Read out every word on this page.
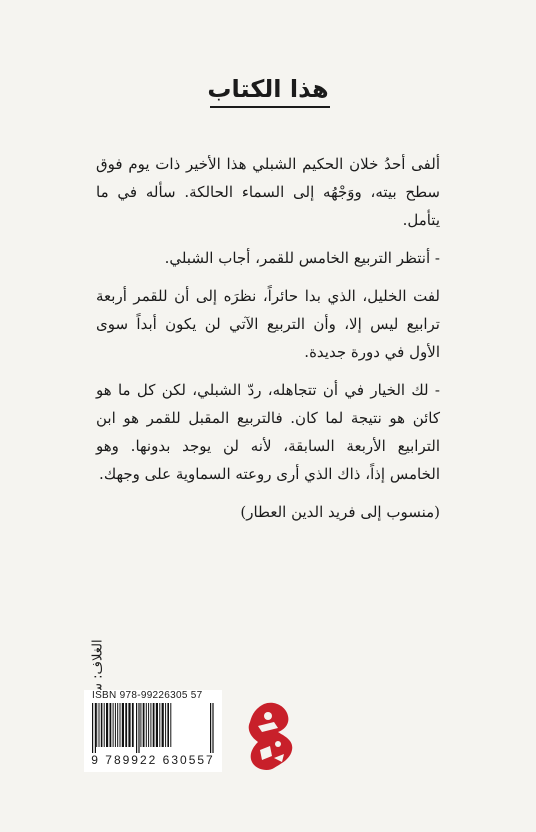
هذا الكتاب

ألفى أحدُ خلان الحكيم الشبلي هذا الأخير ذات يوم فوق سطح بيته، ووَجْهُه إلى السماء الحالكة. سأله في ما يتأمل.

- أنتظر التربيع الخامس للقمر، أجاب الشبلي.

لفت الخليل، الذي بدا حائراً، نظرَه إلى أن للقمر أربعة ترابيع ليس إلا، وأن التربيع الآتي لن يكون أبداً سوى الأول في دورة جديدة.

- لك الخيار في أن تتجاهله، ردّ الشبلي، لكن كل ما هو كائن هو نتيجة لما كان. فالتربيع المقبل للقمر هو ابن الترابيع الأربعة السابقة، لأنه لن يوجد بدونها. وهو الخامس إذاً، ذاك الذي أرى روعته السماوية على وجهك.

(منسوب إلى فريد الدين العطار)

ISBN 978-99226305 57
9 789922 630557
